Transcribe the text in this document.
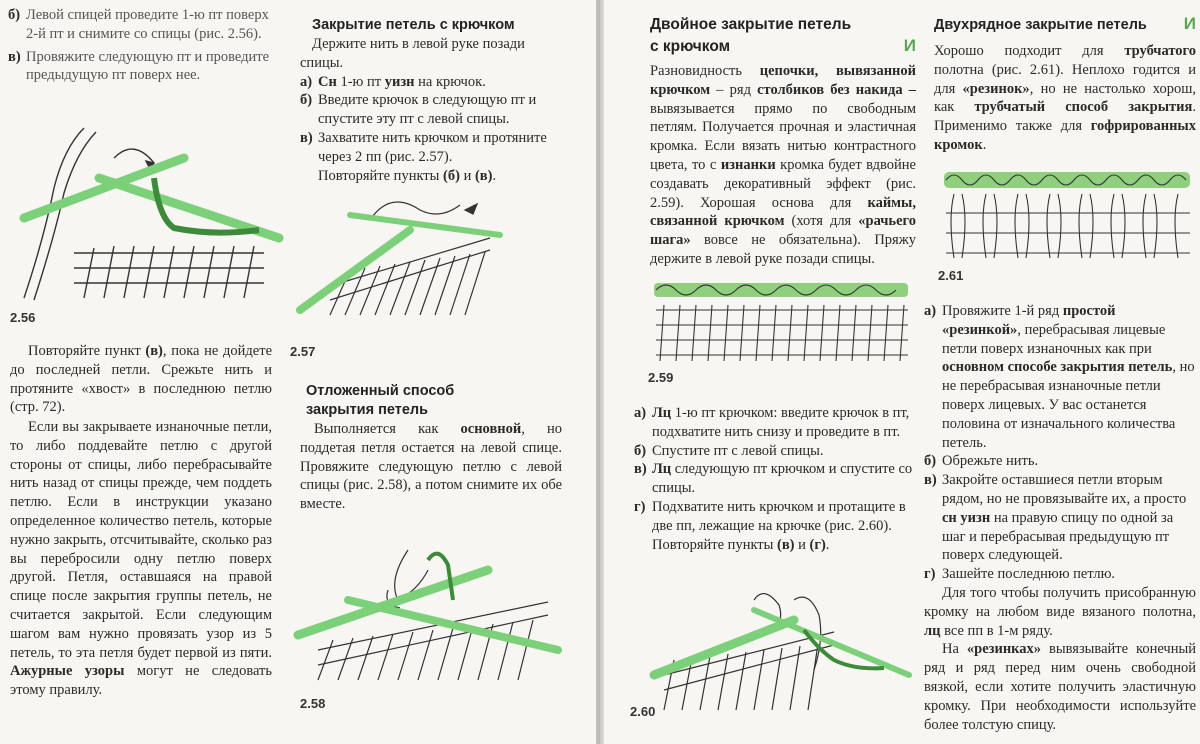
б) Левой спицей проведите 1-ю пт поверх 2-й пт и снимите со спицы (рис. 2.56).
в) Провяжите следующую пт и проведите предыдущую пт поверх нее.
2.56

Повторяйте пункт (в), пока не дойдете до последней петли. Срежьте нить и протяните «хвост» в последнюю петлю (стр. 72).

Если вы закрываете изнаночные петли, то либо поддевайте петлю с другой стороны от спицы, либо перебрасывайте нить назад от спицы прежде, чем поддеть петлю. Если в инструкции указано определенное количество петель, которые нужно закрыть, отсчитывайте, сколько раз вы перебросили одну петлю поверх другой. Петля, оставшаяся на правой спице после закрытия группы петель, не считается закрытой. Если следующим шагом вам нужно провязать узор из 5 петель, то эта петля будет первой из пяти. Ажурные узоры могут не следовать этому правилу.

Закрытие петель с крючком

Держите нить в левой руке позади спицы.

а) Сн 1-ю пт уизн на крючок.
б) Введите крючок в следующую пт и спустите эту пт с левой спицы.
в) Захватите нить крючком и протяните через 2 пп (рис. 2.57).

Повторяйте пункты (б) и (в).

2.57
Отложенный способ
закрытия петель

Выполняется как основной, но поддетая петля остается на левой спице. Провяжите следующую петлю с левой спицы (рис. 2.58), а потом снимите их обе вместе.

2.58
Двойное закрытие петель
с крючком	И

Разновидность цепочки, вывязанной крючком – ряд столбиков без накида –вывязывается прямо по свободным петлям. Получается прочная и эластичная кромка. Если вязать нитью контрастного цвета, то с изнанки кромка будет вдвойне создавать декоративный эффект (рис. 2.59). Хорошая основа для каймы, связанной крючком (хотя для «рачьего шага» вовсе не обязательна). Пряжу держите в левой руке позади спицы.

2.59
а) Лц 1-ю пт крючком: введите крючок в пт, подхватите нить снизу и проведите в пт.
б) Спустите пт с левой спицы.
в) Лц следующую пт крючком и спустите со спицы.
г) Подхватите нить крючком и протащите в две пп, лежащие на крючке (рис. 2.60).

Повторяйте пункты (в) и (г).

2.60
Двухрядное закрытие петель И

Хорошо подходит для трубчатого полотна (рис. 2.61). Неплохо годится и для «резинок», но не настолько хорош, как трубчатый способ закрытия. Применимо также для гофрированных кромок.

2.61
а) Провяжите 1-й ряд простой «резинкой», перебрасывая лицевые петли поверх изнаночных как при основном способе закрытия петель, но не перебрасывая изнаночные петли поверх лицевых. У вас останется половина от изначального количества петель.
б) Обрежьте нить.
в) Закройте оставшиеся петли вторым рядом, но не провязывайте их, а просто сн уизн на правую спицу по одной за шаг и перебрасывая предыдущую пт поверх следующей.
г) Зашейте последнюю петлю.

Для того чтобы получить присобранную кромку на любом виде вязаного полотна, лц все пп в 1-м ряду.

На «резинках» вывязывайте конечный ряд и ряд перед ним очень свободной вязкой, если хотите получить эластичную кромку. При необходимости используйте более толстую спицу.
